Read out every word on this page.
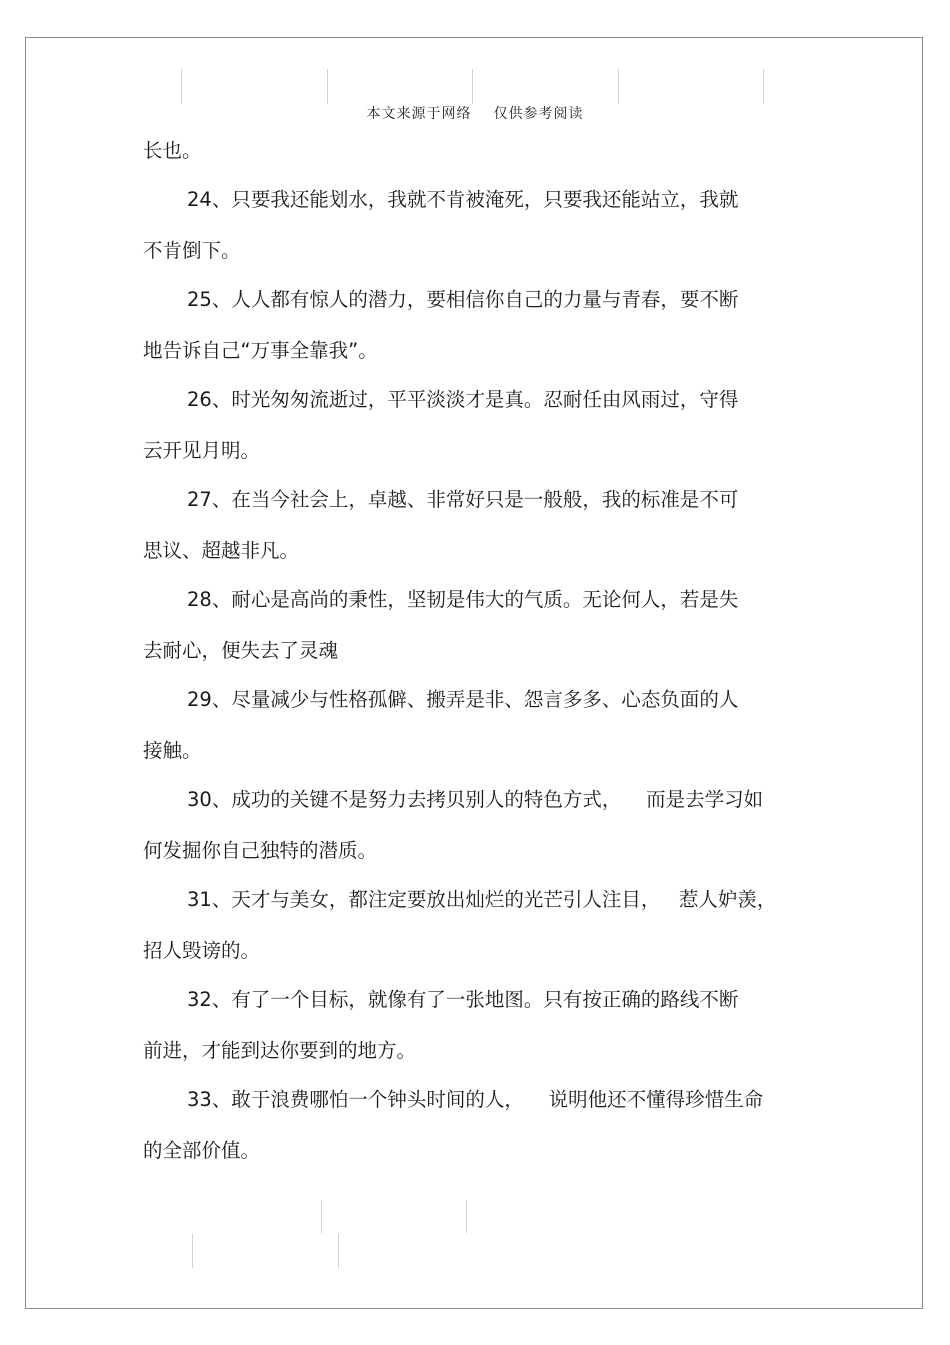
本文来源于网络 仅供参考阅读
长也。
24、只要我还能划水，我就不肯被淹死，只要我还能站立，我就
不肯倒下。
25、人人都有惊人的潜力，要相信你自己的力量与青春，要不断
地告诉自己“万事全靠我”。
26、时光匆匆流逝过，平平淡淡才是真。忍耐任由风雨过，守得
云开见月明。
27、在当今社会上，卓越、非常好只是一般般，我的标准是不可
思议、超越非凡。
28、耐心是高尚的秉性，坚韧是伟大的气质。无论何人，若是失
去耐心，便失去了灵魂
29、尽量减少与性格孤僻、搬弄是非、怨言多多、心态负面的人
接触。
30、成功的关键不是努力去拷贝别人的特色方式，    而是去学习如
何发掘你自己独特的潜质。
31、天才与美女，都注定要放出灿烂的光芒引人注目，   惹人妒羡，
招人毁谤的。
32、有了一个目标，就像有了一张地图。只有按正确的路线不断
前进，才能到达你要到的地方。
33、敢于浪费哪怕一个钟头时间的人，    说明他还不懂得珍惜生命
的全部价值。
